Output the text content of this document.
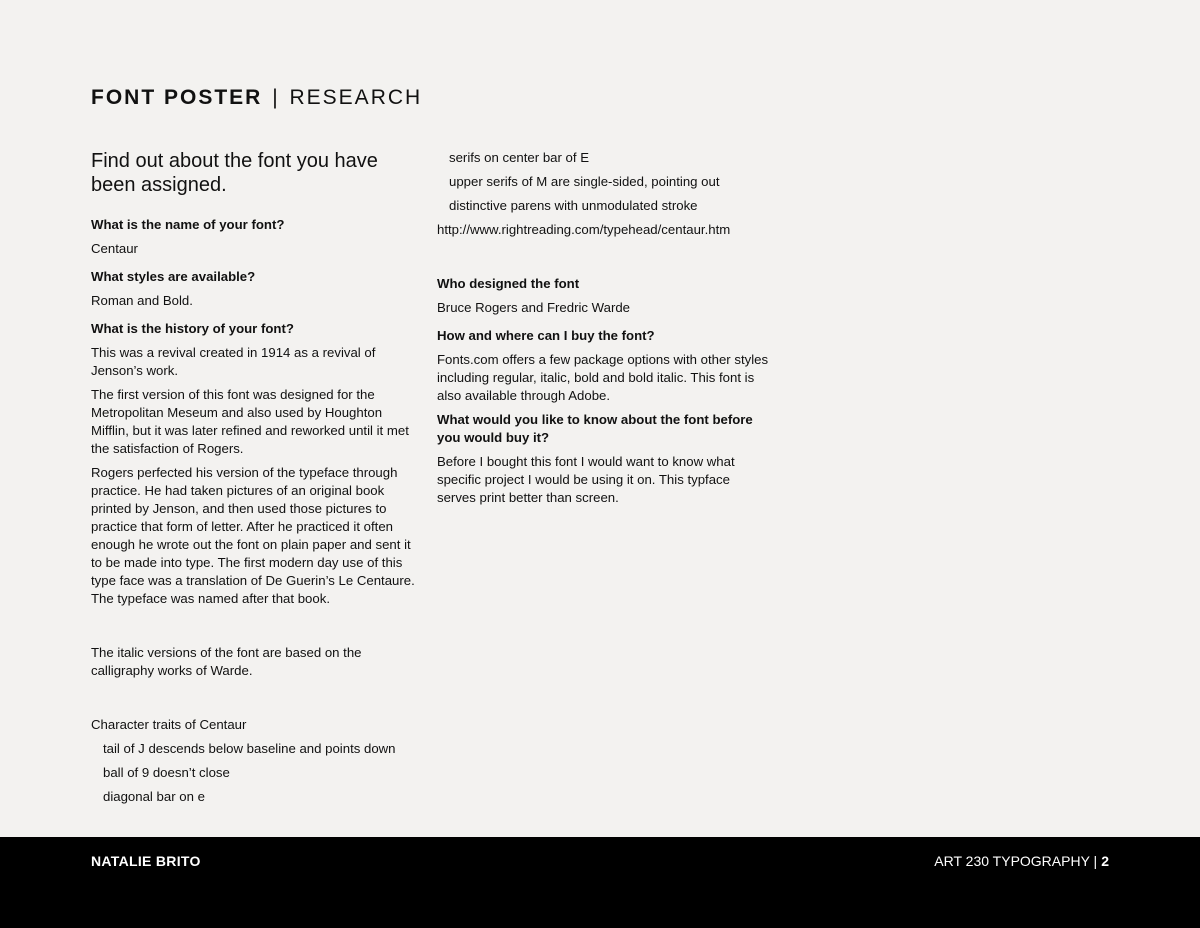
FONT POSTER | RESEARCH

Find out about the font you have been assigned.

What is the name of your font?

Centaur

What styles are available?

Roman and Bold.

What is the history of your font?

This was a revival created in 1914 as a revival of Jenson’s work.

The first version of this font was designed for the Metropolitan Meseum and also used by Houghton Mifflin, but it was later refined and reworked until it met the satisfaction of Rogers.

Rogers perfected his version of the typeface through practice. He had taken pictures of an original book printed by Jenson, and then used those pictures to practice that form of letter. After he practiced it often enough he wrote out the font on plain paper and sent it to be made into type. The first modern day use of this type face was a translation of De Guerin’s Le Centaure. The typeface was named after that book.

The italic versions of the font are based on the calligraphy works of Warde.

Character traits of Centaur

tail of J descends below baseline and points down

ball of 9 doesn’t close

diagonal bar on e

serifs on center bar of E

upper serifs of M are single-sided, pointing out

distinctive parens with unmodulated stroke

http://www.rightreading.com/typehead/centaur.htm

Who designed the font

Bruce Rogers and Fredric Warde

How and where can I buy the font?

Fonts.com offers a few package options with other styles including regular, italic, bold and bold italic. This font is also available through Adobe.

What would you like to know about the font before you would buy it?

Before I bought this font I would want to know what specific project I would be using it on. This typface serves print better than screen.

NATALIE BRITO	ART 230 TYPOGRAPHY | 2
